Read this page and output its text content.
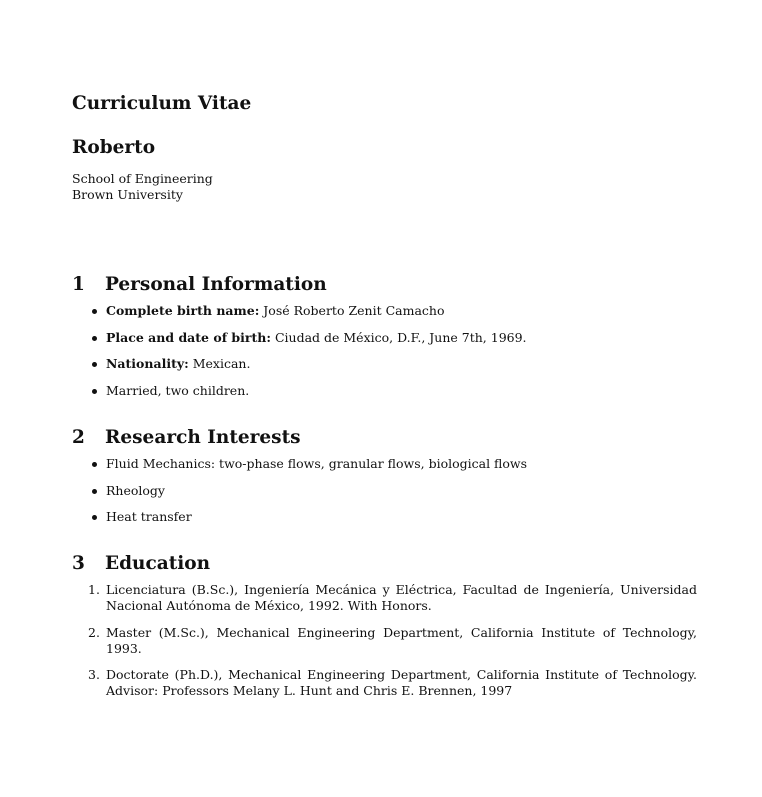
Curriculum Vitae
Roberto
School of Engineering
Brown University
1	Personal Information
Complete birth name: José Roberto Zenit Camacho
Place and date of birth: Ciudad de México, D.F., June 7th, 1969.
Nationality: Mexican.
Married, two children.
2	Research Interests
Fluid Mechanics: two-phase flows, granular flows, biological flows
Rheology
Heat transfer
3	Education
1. Licenciatura (B.Sc.), Ingeniería Mecánica y Eléctrica, Facultad de Ingeniería, Universidad Nacional Autónoma de México, 1992. With Honors.
2. Master (M.Sc.), Mechanical Engineering Department, California Institute of Technology, 1993.
3. Doctorate (Ph.D.), Mechanical Engineering Department, California Institute of Technology. Advisor: Professors Melany L. Hunt and Chris E. Brennen, 1997
